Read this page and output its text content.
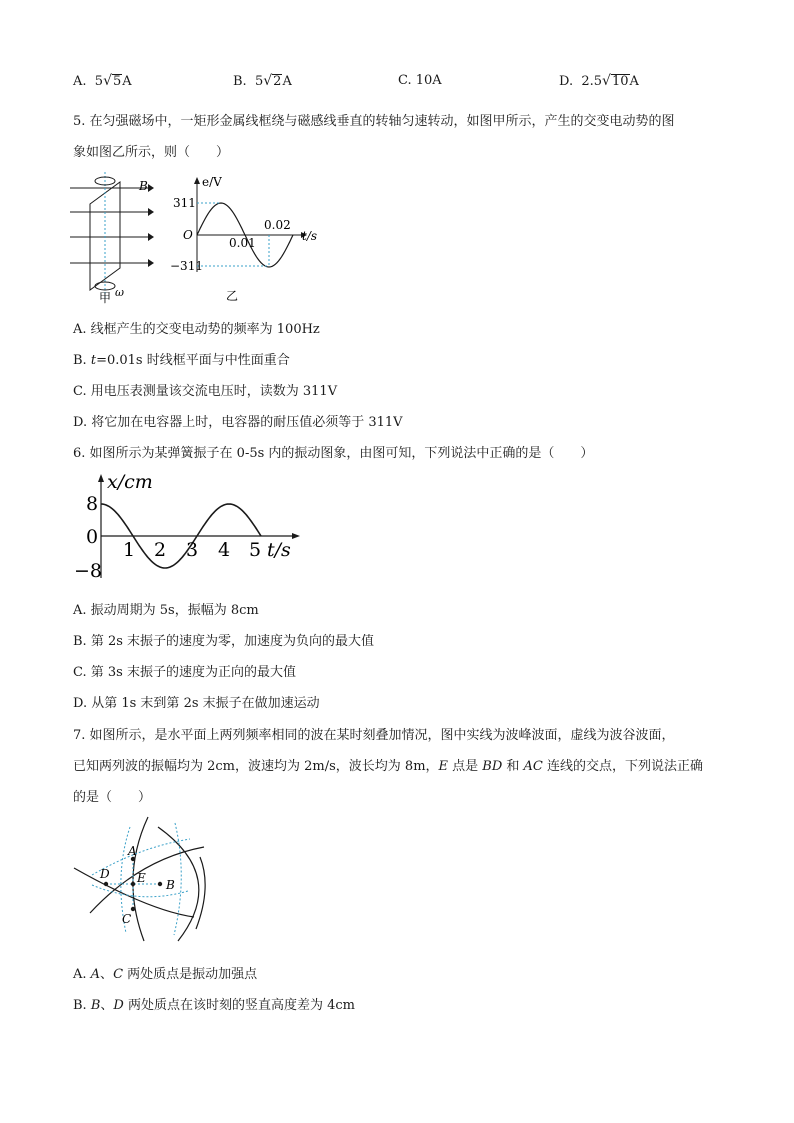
A. 5√5A	B. 5√2A	C. 10A	D. 2.5√10A
5. 在匀强磁场中，一矩形金属线框绕与磁感线垂直的转轴匀速转动，如图甲所示，产生的交变电动势的图
象如图乙所示，则（　　）
B
ω
甲
e/V
311
O
−311
0.01
0.02
t/s
乙
A. 线框产生的交变电动势的频率为 100Hz
B. t=0.01s 时线框平面与中性面重合
C. 用电压表测量该交流电压时，读数为 311V
D. 将它加在电容器上时，电容器的耐压值必须等于 311V
6. 如图所示为某弹簧振子在 0-5s 内的振动图象，由图可知，下列说法中正确的是（　　）
x/cm
8
0
−8
1 2 3 4 5 t/s
A. 振动周期为 5s，振幅为 8cm
B. 第 2s 末振子的速度为零，加速度为负向的最大值
C. 第 3s 末振子的速度为正向的最大值
D. 从第 1s 末到第 2s 末振子在做加速运动
7. 如图所示，是水平面上两列频率相同的波在某时刻叠加情况，图中实线为波峰波面，虚线为波谷波面，
已知两列波的振幅均为 2cm，波速均为 2m/s，波长均为 8m，E 点是 BD 和 AC 连线的交点，下列说法正确
的是（　　）
A
B
C
D E
A. A、C 两处质点是振动加强点
B. B、D 两处质点在该时刻的竖直高度差为 4cm
